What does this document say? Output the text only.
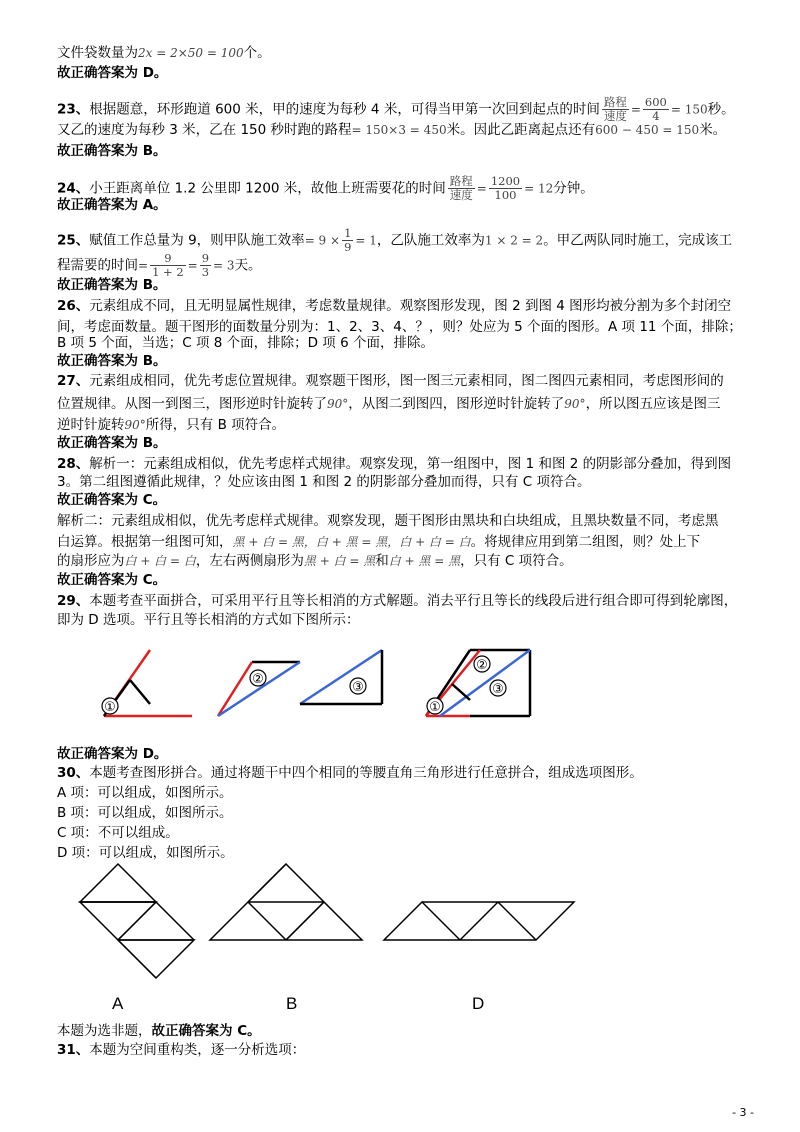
文件袋数量为2x = 2×50 = 100个。
故正确答案为 D。
23、根据题意，环形跑道 600 米，甲的速度为每秒 4 米，可得当甲第一次回到起点的时间 $\frac{\text{路程}}{\text{速度}} = \frac{600}{4} = 150$秒。
又乙的速度为每秒 3 米，乙在 150 秒时跑的路程= 150×3 = 450米。因此乙距离起点还有600 − 450 = 150米。
故正确答案为 B。
24、小王距离单位 1.2 公里即 1200 米，故他上班需要花的时间 $\frac{\text{路程}}{\text{速度}} = \frac{1200}{100} = 12$分钟。
故正确答案为 A。
25、赋值工作总量为 9，则甲队施工效率= $9 \times \frac{1}{9} = 1$，乙队施工效率为1 × 2 = 2。甲乙两队同时施工，完成该工
程需要的时间= $\frac{9}{1 + 2} = \frac{9}{3} = 3$天。
故正确答案为 B。
26、元素组成不同，且无明显属性规律，考虑数量规律。观察图形发现，图 2 到图 4 图形均被分割为多个封闭空
间，考虑面数量。题干图形的面数量分别为：1、2、3、4、？，则？处应为 5 个面的图形。A 项 11 个面，排除；
B 项 5 个面，当选；C 项 8 个面，排除；D 项 6 个面，排除。
故正确答案为 B。
27、元素组成相同，优先考虑位置规律。观察题干图形，图一图三元素相同，图二图四元素相同，考虑图形间的
位置规律。从图一到图三，图形逆时针旋转了90°，从图二到图四，图形逆时针旋转了90°，所以图五应该是图三
逆时针旋转90°所得，只有 B 项符合。
故正确答案为 B。
28、解析一：元素组成相似，优先考虑样式规律。观察发现，第一组图中，图 1 和图 2 的阴影部分叠加，得到图
3。第二组图遵循此规律，？处应该由图 1 和图 2 的阴影部分叠加而得，只有 C 项符合。
故正确答案为 C。
解析二：元素组成相似，优先考虑样式规律。观察发现，题干图形由黑块和白块组成，且黑块数量不同，考虑黑
白运算。根据第一组图可知，黑 + 白 = 黑，白 + 黑 = 黑，白 + 白 = 白。将规律应用到第二组图，则？处上下
的扇形应为白 + 白 = 白，左右两侧扇形为黑 + 白 = 黑和白 + 黑 = 黑，只有 C 项符合。
故正确答案为 C。
29、本题考查平面拼合，可采用平行且等长相消的方式解题。消去平行且等长的线段后进行组合即可得到轮廓图，
即为 D 选项。平行且等长相消的方式如下图所示：
①
②
③
②
③
①
故正确答案为 D。
30、本题考查图形拼合。通过将题干中四个相同的等腰直角三角形进行任意拼合，组成选项图形。
A 项：可以组成，如图所示。
B 项：可以组成，如图所示。
C 项：不可以组成。
D 项：可以组成，如图所示。
A	B	D
本题为选非题，故正确答案为 C。
31、本题为空间重构类，逐一分析选项：
- 3 -
